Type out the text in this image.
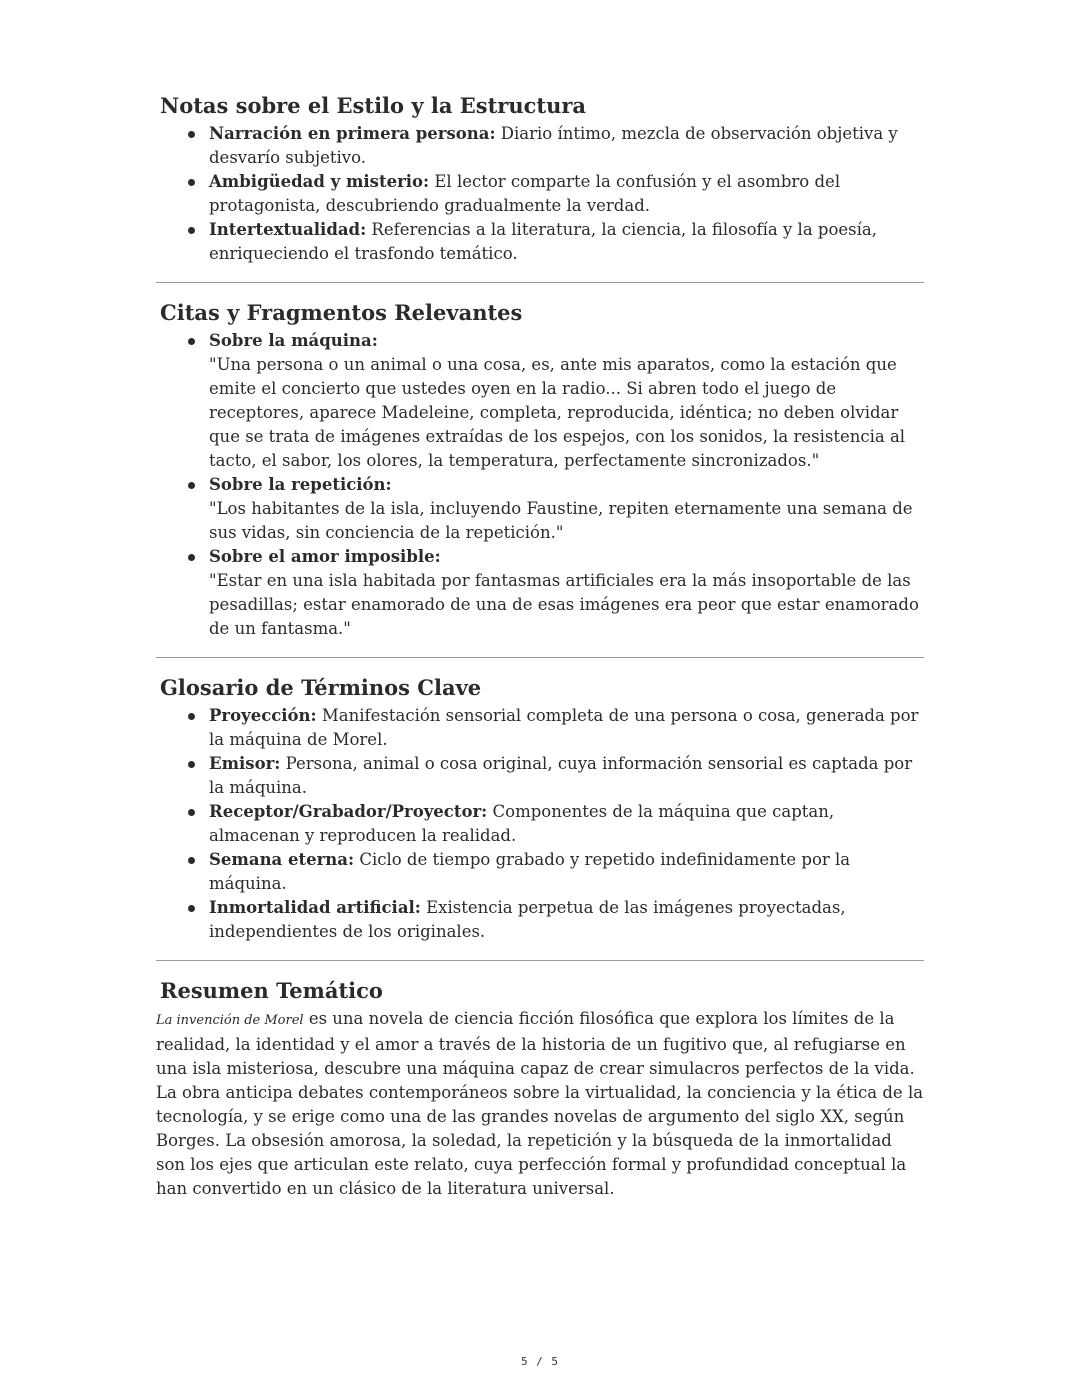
Notas sobre el Estilo y la Estructura
Narración en primera persona: Diario íntimo, mezcla de observación objetiva y desvarío subjetivo.
Ambigüedad y misterio: El lector comparte la confusión y el asombro del protagonista, descubriendo gradualmente la verdad.
Intertextualidad: Referencias a la literatura, la ciencia, la filosofía y la poesía, enriqueciendo el trasfondo temático.
Citas y Fragmentos Relevantes
Sobre la máquina:
"Una persona o un animal o una cosa, es, ante mis aparatos, como la estación que emite el concierto que ustedes oyen en la radio... Si abren todo el juego de receptores, aparece Madeleine, completa, reproducida, idéntica; no deben olvidar que se trata de imágenes extraídas de los espejos, con los sonidos, la resistencia al tacto, el sabor, los olores, la temperatura, perfectamente sincronizados."
Sobre la repetición:
"Los habitantes de la isla, incluyendo Faustine, repiten eternamente una semana de sus vidas, sin conciencia de la repetición."
Sobre el amor imposible:
"Estar en una isla habitada por fantasmas artificiales era la más insoportable de las pesadillas; estar enamorado de una de esas imágenes era peor que estar enamorado de un fantasma."
Glosario de Términos Clave
Proyección: Manifestación sensorial completa de una persona o cosa, generada por la máquina de Morel.
Emisor: Persona, animal o cosa original, cuya información sensorial es captada por la máquina.
Receptor/Grabador/Proyector: Componentes de la máquina que captan, almacenan y reproducen la realidad.
Semana eterna: Ciclo de tiempo grabado y repetido indefinidamente por la máquina.
Inmortalidad artificial: Existencia perpetua de las imágenes proyectadas, independientes de los originales.
Resumen Temático

La invención de Morel es una novela de ciencia ficción filosófica que explora los límites de la realidad, la identidad y el amor a través de la historia de un fugitivo que, al refugiarse en una isla misteriosa, descubre una máquina capaz de crear simulacros perfectos de la vida. La obra anticipa debates contemporáneos sobre la virtualidad, la conciencia y la ética de la tecnología, y se erige como una de las grandes novelas de argumento del siglo XX, según Borges. La obsesión amorosa, la soledad, la repetición y la búsqueda de la inmortalidad son los ejes que articulan este relato, cuya perfección formal y profundidad conceptual la han convertido en un clásico de la literatura universal.

5 / 5
